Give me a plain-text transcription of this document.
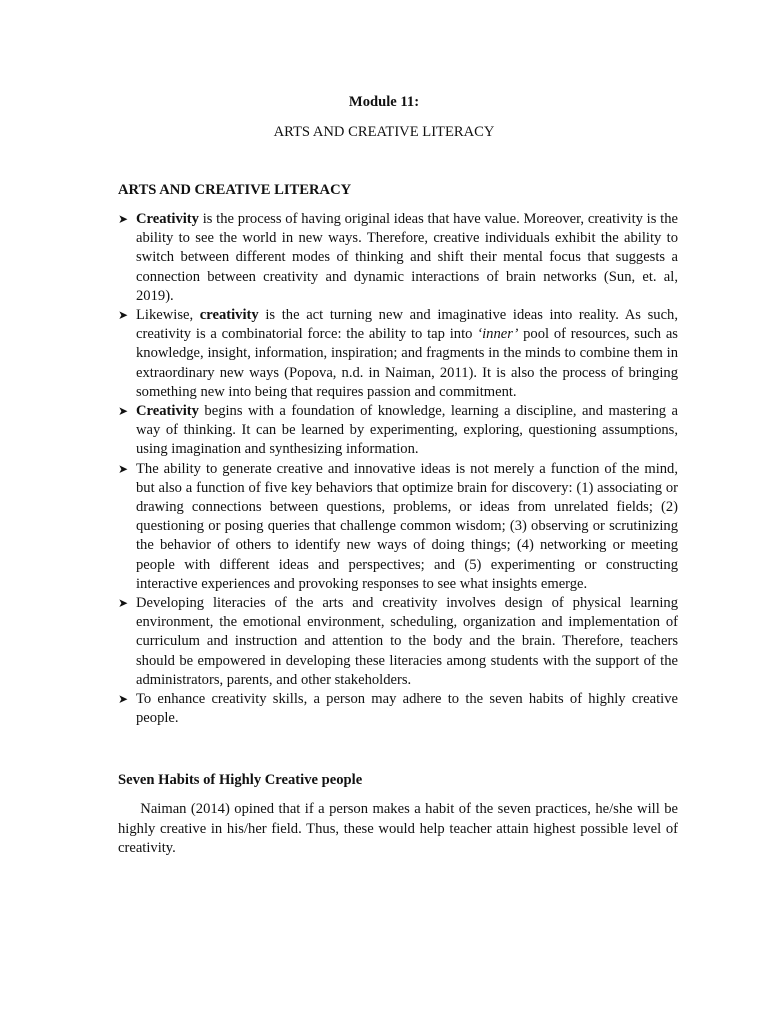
Module 11:
ARTS AND CREATIVE LITERACY
ARTS AND CREATIVE LITERACY
➤ Creativity is the process of having original ideas that have value. Moreover, creativity is the ability to see the world in new ways. Therefore, creative individuals exhibit the ability to switch between different modes of thinking and shift their mental focus that suggests a connection between creativity and dynamic interactions of brain networks (Sun, et. al, 2019).
➤ Likewise, creativity is the act turning new and imaginative ideas into reality. As such, creativity is a combinatorial force: the ability to tap into ‘inner’ pool of resources, such as knowledge, insight, information, inspiration; and fragments in the minds to combine them in extraordinary new ways (Popova, n.d. in Naiman, 2011). It is also the process of bringing something new into being that requires passion and commitment.
➤ Creativity begins with a foundation of knowledge, learning a discipline, and mastering a way of thinking. It can be learned by experimenting, exploring, questioning assumptions, using imagination and synthesizing information.
➤ The ability to generate creative and innovative ideas is not merely a function of the mind, but also a function of five key behaviors that optimize brain for discovery: (1) associating or drawing connections between questions, problems, or ideas from unrelated fields; (2) questioning or posing queries that challenge common wisdom; (3) observing or scrutinizing the behavior of others to identify new ways of doing things; (4) networking or meeting people with different ideas and perspectives; and (5) experimenting or constructing interactive experiences and provoking responses to see what insights emerge.
➤ Developing literacies of the arts and creativity involves design of physical learning environment, the emotional environment, scheduling, organization and implementation of curriculum and instruction and attention to the body and the brain. Therefore, teachers should be empowered in developing these literacies among students with the support of the administrators, parents, and other stakeholders.
➤ To enhance creativity skills, a person may adhere to the seven habits of highly creative people.
Seven Habits of Highly Creative people

Naiman (2014) opined that if a person makes a habit of the seven practices, he/she will be highly creative in his/her field. Thus, these would help teacher attain highest possible level of creativity.
